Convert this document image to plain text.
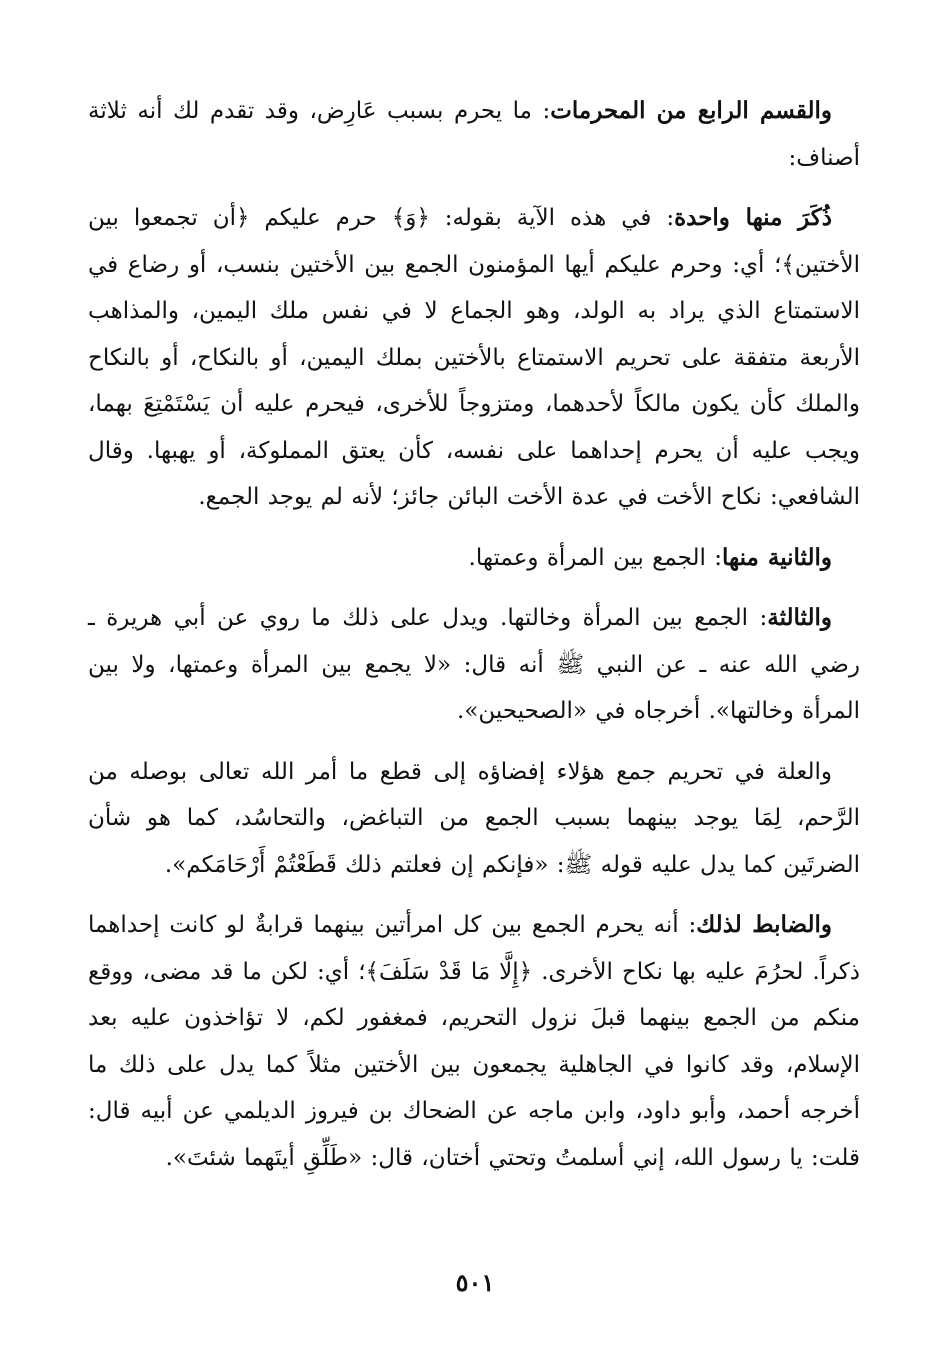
والقسم الرابع من المحرمات: ما يحرم بسبب عَارِض، وقد تقدم لك أنه ثلاثة أصناف:

ذُكَرَ منها واحدة: في هذه الآية بقوله: ﴿وَ﴾ حرم عليكم ﴿أن تجمعوا بين الأختين﴾؛ أي: وحرم عليكم أيها المؤمنون الجمع بين الأختين بنسب، أو رضاع في الاستمتاع الذي يراد به الولد، وهو الجماع لا في نفس ملك اليمين، والمذاهب الأربعة متفقة على تحريم الاستمتاع بالأختين بملك اليمين، أو بالنكاح، أو بالنكاح والملك كأن يكون مالكاً لأحدهما، ومتزوجاً للأخرى، فيحرم عليه أن يَسْتَمْتِعَ بهما، ويجب عليه أن يحرم إحداهما على نفسه، كأن يعتق المملوكة، أو يهبها. وقال الشافعي: نكاح الأخت في عدة الأخت البائن جائز؛ لأنه لم يوجد الجمع.

والثانية منها: الجمع بين المرأة وعمتها.

والثالثة: الجمع بين المرأة وخالتها. ويدل على ذلك ما روي عن أبي هريرة ـ رضي الله عنه ـ عن النبي ﷺ أنه قال: «لا يجمع بين المرأة وعمتها، ولا بين المرأة وخالتها». أخرجاه في «الصحيحين».

والعلة في تحريم جمع هؤلاء إفضاؤه إلى قطع ما أمر الله تعالى بوصله من الرَّحم، لِمَا يوجد بينهما بسبب الجمع من التباغض، والتحاسُد، كما هو شأن الضرتَين كما يدل عليه قوله ﷺ: «فإنكم إن فعلتم ذلك قَطَعْتُمْ أَرْحَامَكم».

والضابط لذلك: أنه يحرم الجمع بين كل امرأتين بينهما قرابةٌ لو كانت إحداهما ذكراً. لحرُمَ عليه بها نكاح الأخرى. ﴿إِلَّا مَا قَدْ سَلَفَ﴾؛ أي: لكن ما قد مضى، ووقع منكم من الجمع بينهما قبلَ نزول التحريم، فمغفور لكم، لا تؤاخذون عليه بعد الإسلام، وقد كانوا في الجاهلية يجمعون بين الأختين مثلاً كما يدل على ذلك ما أخرجه أحمد، وأبو داود، وابن ماجه عن الضحاك بن فيروز الديلمي عن أبيه قال: قلت: يا رسول الله، إني أسلمتُ وتحتي أختان، قال: «طَلِّقِ أيتَهما شئتَ».

٥٠١
